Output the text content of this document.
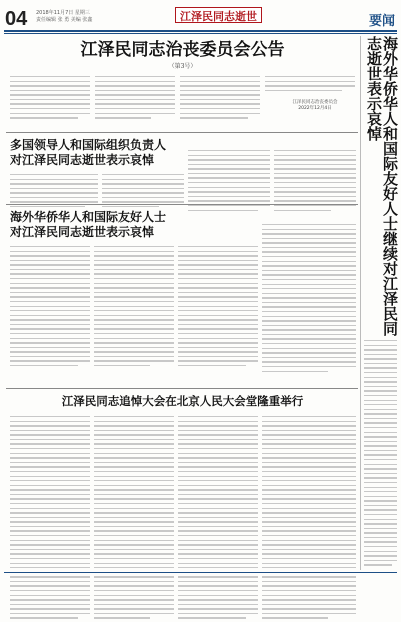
04 2018年11月7日 星期三
责任编辑 张 勇 美编 张鑫	江泽民同志逝世	要闻
江泽民同志治丧委员会公告
（第3号）
江泽民同志治丧委员会
2022年12月4日
多国领导人和国际组织负责人
对江泽民同志逝世表示哀悼
海外华侨华人和国际友好人士
对江泽民同志逝世表示哀悼
江泽民同志追悼大会在北京人民大会堂隆重举行
海外华侨华人和国际友好人士继续对江泽民同志逝世表示哀悼
